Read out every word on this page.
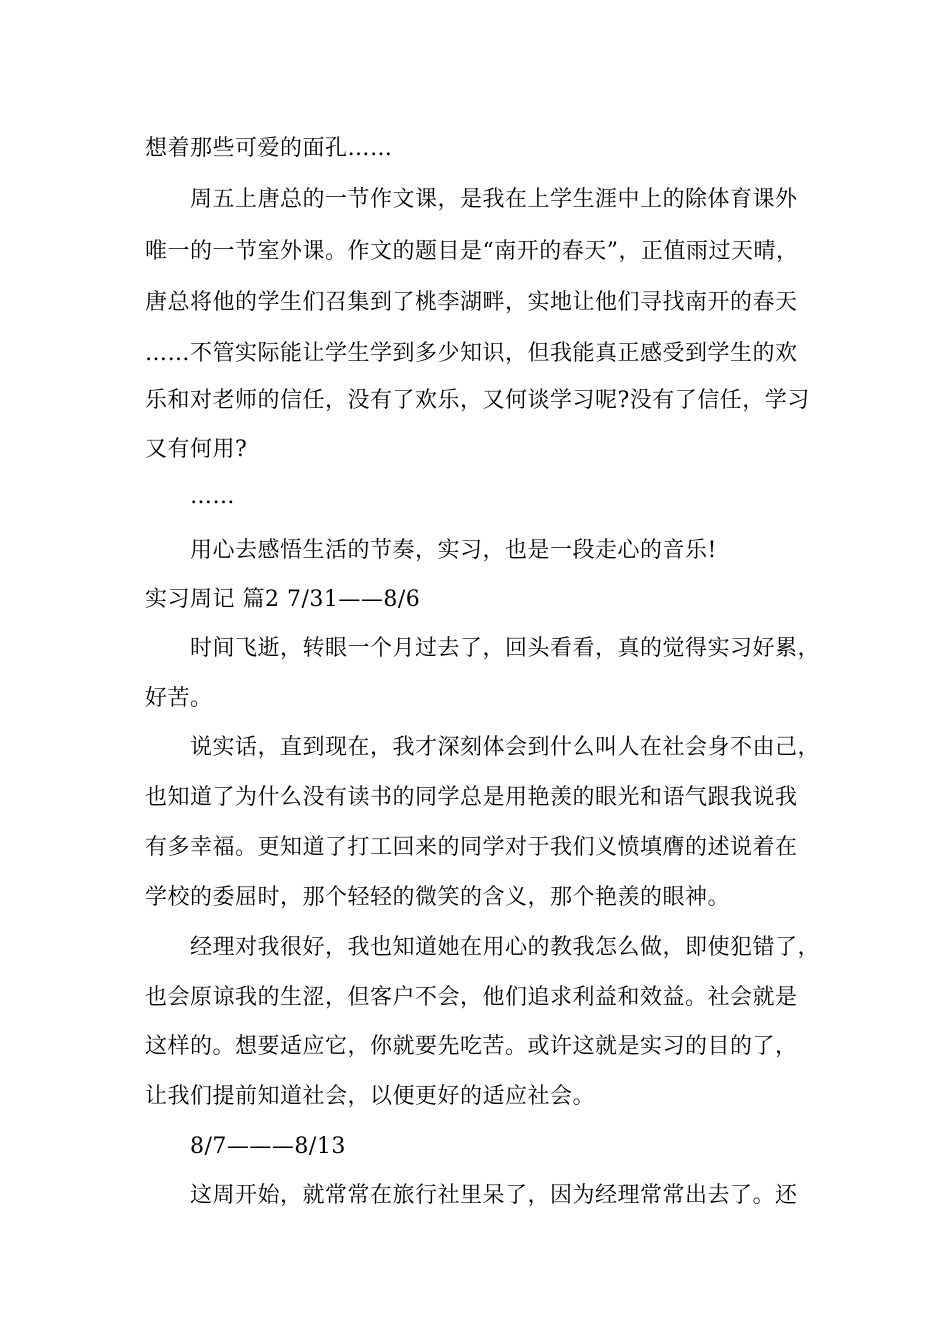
想着那些可爱的面孔……
周五上唐总的一节作文课，是我在上学生涯中上的除体育课外
唯一的一节室外课。作文的题目是“南开的春天”，正值雨过天晴，
唐总将他的学生们召集到了桃李湖畔，实地让他们寻找南开的春天
……不管实际能让学生学到多少知识，但我能真正感受到学生的欢
乐和对老师的信任，没有了欢乐，又何谈学习呢?没有了信任，学习
又有何用?
……
用心去感悟生活的节奏，实习，也是一段走心的音乐!
实习周记 篇2 7/31——8/6
时间飞逝，转眼一个月过去了，回头看看，真的觉得实习好累，
好苦。
说实话，直到现在，我才深刻体会到什么叫人在社会身不由己，
也知道了为什么没有读书的同学总是用艳羡的眼光和语气跟我说我
有多幸福。更知道了打工回来的同学对于我们义愤填膺的述说着在
学校的委屈时，那个轻轻的微笑的含义，那个艳羡的眼神。
经理对我很好，我也知道她在用心的教我怎么做，即使犯错了，
也会原谅我的生涩，但客户不会，他们追求利益和效益。社会就是
这样的。想要适应它，你就要先吃苦。或许这就是实习的目的了，
让我们提前知道社会，以便更好的适应社会。
8/7———8/13
这周开始，就常常在旅行社里呆了，因为经理常常出去了。还
